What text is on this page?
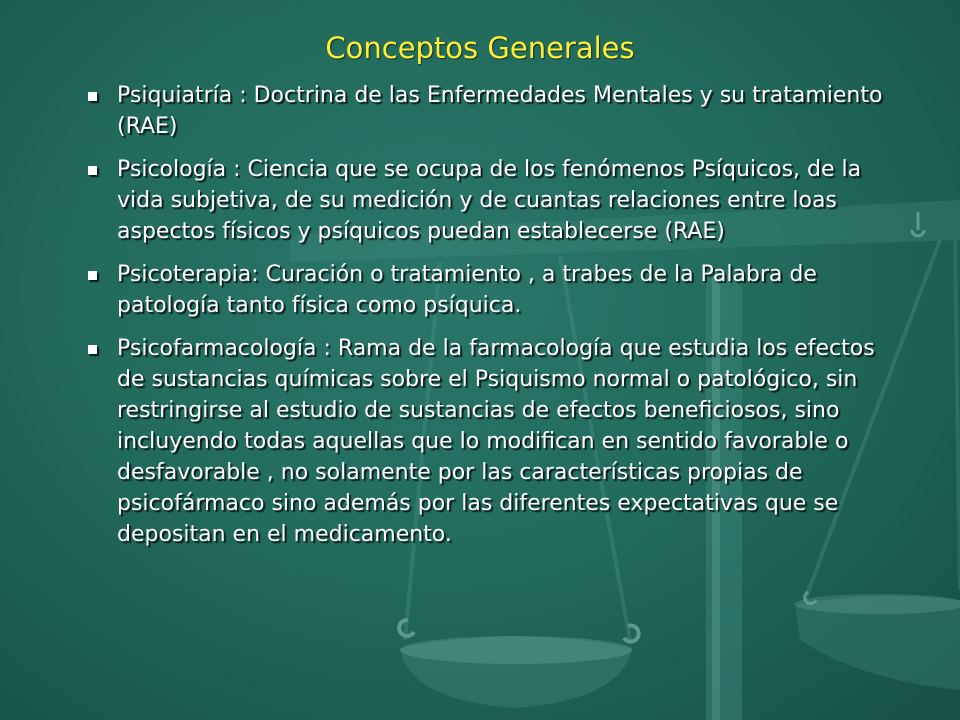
Conceptos Generales
Psiquiatría : Doctrina de las Enfermedades Mentales y su tratamiento (RAE)
Psicología : Ciencia que se ocupa de los fenómenos Psíquicos, de la vida subjetiva, de su medición y de cuantas relaciones entre loas aspectos físicos y psíquicos puedan establecerse (RAE)
Psicoterapia: Curación o tratamiento , a trabes de la Palabra de patología tanto física como psíquica.
Psicofarmacología : Rama de la farmacología que estudia los efectos de sustancias químicas sobre el Psiquismo normal o patológico, sin restringirse al estudio de sustancias de efectos beneficiosos, sino incluyendo todas aquellas que lo modifican en sentido favorable o desfavorable , no solamente por las características propias de psicofármaco sino además por las diferentes expectativas que se depositan en el medicamento.
